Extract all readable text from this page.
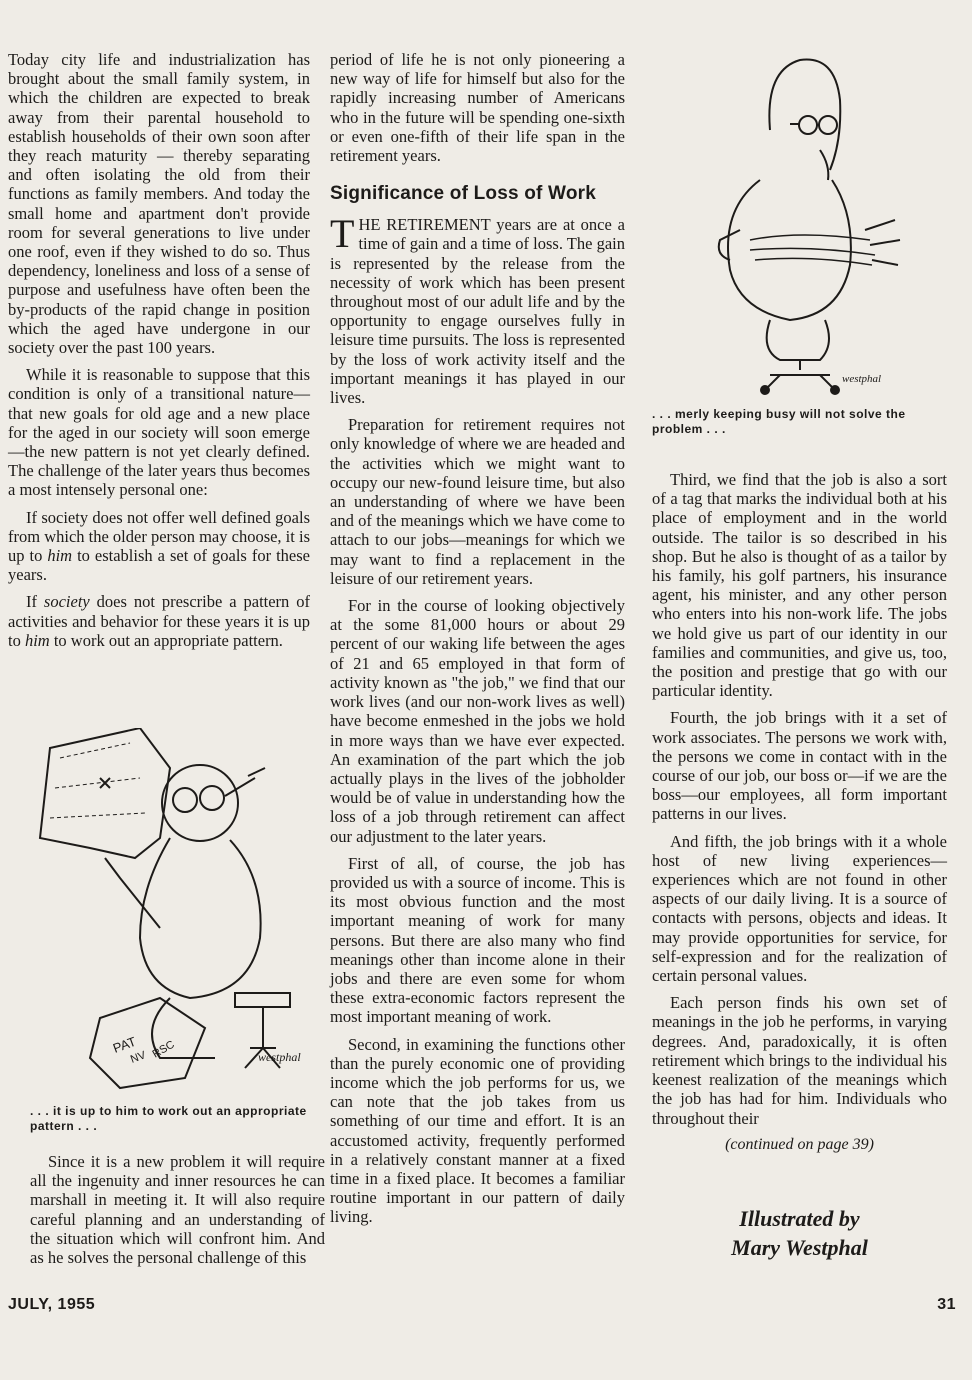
Today city life and industrialization has brought about the small family system, in which the children are expected to break away from their parental household to establish households of their own soon after they reach maturity — thereby separating and often isolating the old from their functions as family members. And today the small home and apartment don't provide room for several generations to live under one roof, even if they wished to do so. Thus dependency, loneliness and loss of a sense of purpose and usefulness have often been the by-products of the rapid change in position which the aged have undergone in our society over the past 100 years.

While it is reasonable to suppose that this condition is only of a transitional nature—that new goals for old age and a new place for the aged in our society will soon emerge—the new pattern is not yet clearly defined. The challenge of the later years thus becomes a most intensely personal one:

If society does not offer well defined goals from which the older person may choose, it is up to him to establish a set of goals for these years.

If society does not prescribe a pattern of activities and behavior for these years it is up to him to work out an appropriate pattern.

PAT
NV RSC	westphal
. . . it is up to him to work out an appropriate pattern . . .

Since it is a new problem it will require all the ingenuity and inner resources he can marshall in meeting it. It will also require careful planning and an understanding of the situation which will confront him. And as he solves the personal challenge of this

period of life he is not only pioneering a new way of life for himself but also for the rapidly increasing number of Americans who in the future will be spending one-sixth or even one-fifth of their life span in the retirement years.

Significance of Loss of Work

THE RETIREMENT years are at once a time of gain and a time of loss. The gain is represented by the release from the necessity of work which has been present throughout most of our adult life and by the opportunity to engage ourselves fully in leisure time pursuits. The loss is represented by the loss of work activity itself and the important meanings it has played in our lives.

Preparation for retirement requires not only knowledge of where we are headed and the activities which we might want to occupy our new-found leisure time, but also an understanding of where we have been and of the meanings which we have come to attach to our jobs—meanings for which we may want to find a replacement in the leisure of our retirement years.

For in the course of looking objectively at the some 81,000 hours or about 29 percent of our waking life between the ages of 21 and 65 employed in that form of activity known as "the job," we find that our work lives (and our non-work lives as well) have become enmeshed in the jobs we hold in more ways than we have ever expected. An examination of the part which the job actually plays in the lives of the jobholder would be of value in understanding how the loss of a job through retirement can affect our adjustment to the later years.

First of all, of course, the job has provided us with a source of income. This is its most obvious function and the most important meaning of work for many persons. But there are also many who find meanings other than income alone in their jobs and there are even some for whom these extra-economic factors represent the most important meaning of work.

Second, in examining the functions other than the purely economic one of providing income which the job performs for us, we can note that the job takes from us something of our time and effort. It is an accustomed activity, frequently performed in a relatively constant manner at a fixed time in a fixed place. It becomes a familiar routine important in our pattern of daily living.

westphal
. . . merly keeping busy will not solve the problem . . .

Third, we find that the job is also a sort of a tag that marks the individual both at his place of employment and in the world outside. The tailor is so described in his shop. But he also is thought of as a tailor by his family, his golf partners, his insurance agent, his minister, and any other person who enters into his non-work life. The jobs we hold give us part of our identity in our families and communities, and give us, too, the position and prestige that go with our particular identity.

Fourth, the job brings with it a set of work associates. The persons we work with, the persons we come in contact with in the course of our job, our boss or—if we are the boss—our employees, all form important patterns in our lives.

And fifth, the job brings with it a whole host of new living experiences—experiences which are not found in other aspects of our daily living. It is a source of contacts with persons, objects and ideas. It may provide opportunities for service, for self-expression and for the realization of certain personal values.

Each person finds his own set of meanings in the job he performs, in varying degrees. And, paradoxically, it is often retirement which brings to the individual his keenest realization of the meanings which the job has had for him. Individuals who throughout their

(continued on page 39)
Illustrated by
Mary Westphal
JULY, 1955	31
